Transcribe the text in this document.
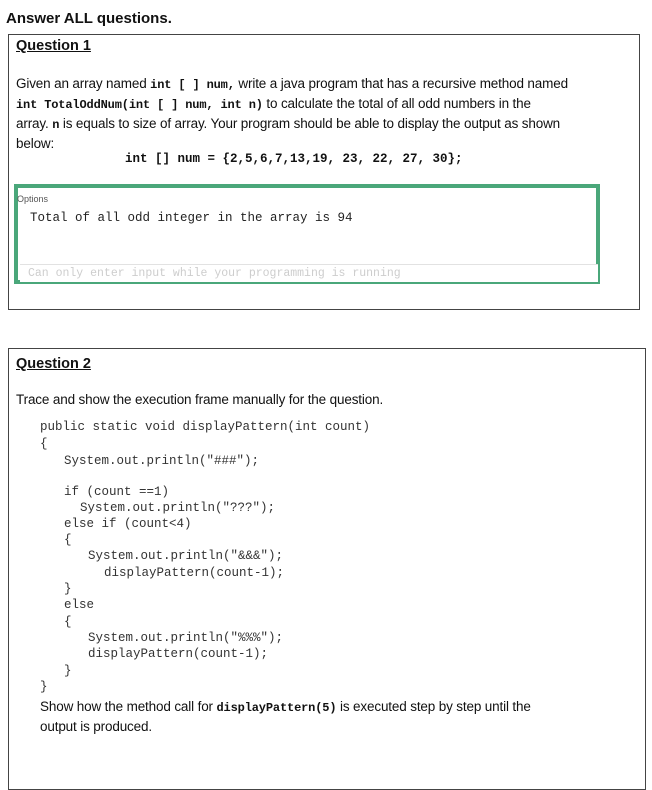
Answer ALL questions.
Question 1
Given an array named int [ ] num, write a java program that has a recursive method named
int TotalOddNum(int [ ] num, int n) to calculate the total of all odd numbers in the
array. n is equals to size of array. Your program should be able to display the output as shown
below:
int [] num = {2,5,6,7,13,19, 23, 22, 27, 30};
Options
Total of all odd integer in the array is 94
Can only enter input while your programming is running
Question 2
Trace and show the execution frame manually for the question.
public static void displayPattern(int count)
{
System.out.println("###");
if (count ==1)
System.out.println("???");
else if (count<4)
{
System.out.println("&&&");
displayPattern(count-1);
}
else
{
System.out.println("%%%");
displayPattern(count-1);
}
}
Show how the method call for displayPattern(5) is executed step by step until the
output is produced.
